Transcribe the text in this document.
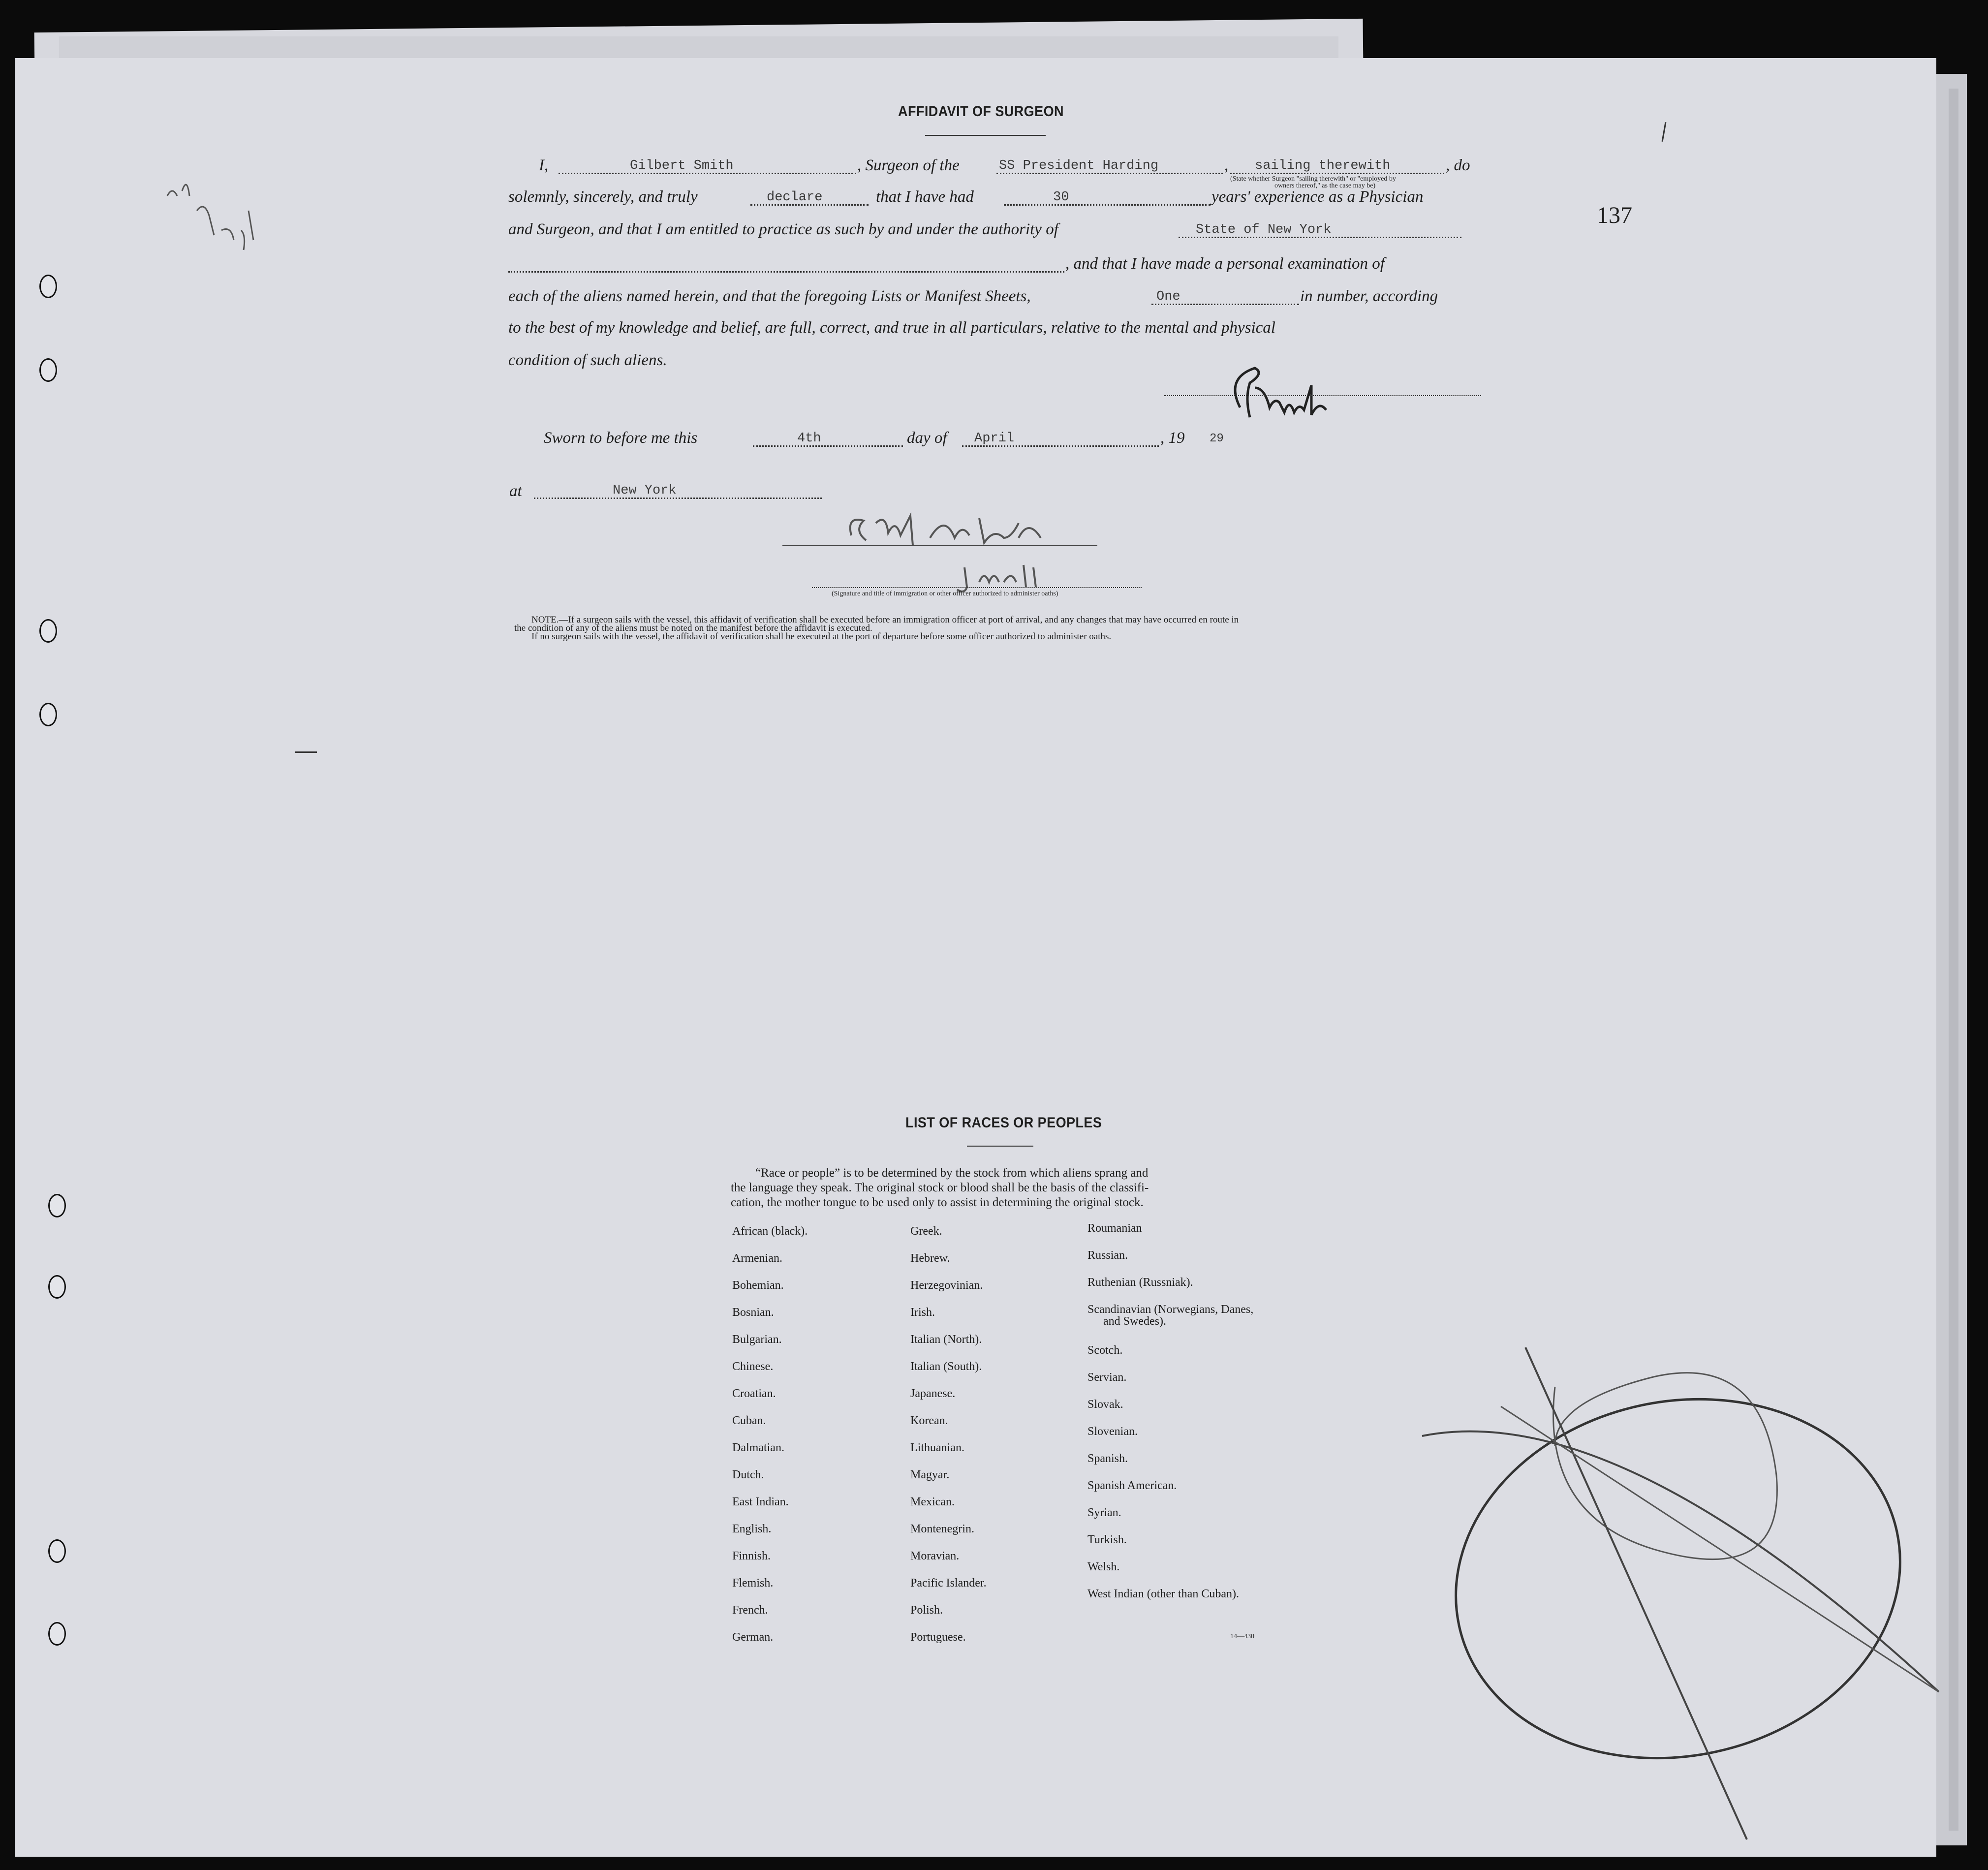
AFFIDAVIT OF SURGEON
I,	Gilbert Smith	, Surgeon of the	SS President Harding	, sailing therewith	, do
(State whether Surgeon "sailing therewith" or "employed by
owners thereof," as the case may be)
solemnly, sincerely, and truly	declare	that I have had	30	years' experience as a Physician
and Surgeon, and that I am entitled to practice as such by and under the authority of	State of New York
, and that I have made a personal examination of
each of the aliens named herein, and that the foregoing Lists or Manifest Sheets,	One	in number, according
to the best of my knowledge and belief, are full, correct, and true in all particulars, relative to the mental and physical
condition of such aliens.
Sworn to before me this	4th	day of April	, 19 29
at	New York
(Signature and title of immigration or other officer authorized to administer oaths)
NOTE.—If a surgeon sails with the vessel, this affidavit of verification shall be executed before an immigration officer at port of arrival, and any changes that may have occurred en route in
the condition of any of the aliens must be noted on the manifest before the affidavit is executed.
If no surgeon sails with the vessel, the affidavit of verification shall be executed at the port of departure before some officer authorized to administer oaths.
137
LIST OF RACES OR PEOPLES
“Race or people” is to be determined by the stock from which aliens sprang and
the language they speak. The original stock or blood shall be the basis of the classifi-
cation, the mother tongue to be used only to assist in determining the original stock.
African (black).
Armenian.
Bohemian.
Bosnian.
Bulgarian.
Chinese.
Croatian.
Cuban.
Dalmatian.
Dutch.
East Indian.
English.
Finnish.
Flemish.
French.
German.
Greek.
Hebrew.
Herzegovinian.
Irish.
Italian (North).
Italian (South).
Japanese.
Korean.
Lithuanian.
Magyar.
Mexican.
Montenegrin.
Moravian.
Pacific Islander.
Polish.
Portuguese.
Roumanian
Russian.
Ruthenian (Russniak).
Scandinavian (Norwegians, Danes, and Swedes).
Scotch.
Servian.
Slovak.
Slovenian.
Spanish.
Spanish American.
Syrian.
Turkish.
Welsh.
West Indian (other than Cuban).
14—430
